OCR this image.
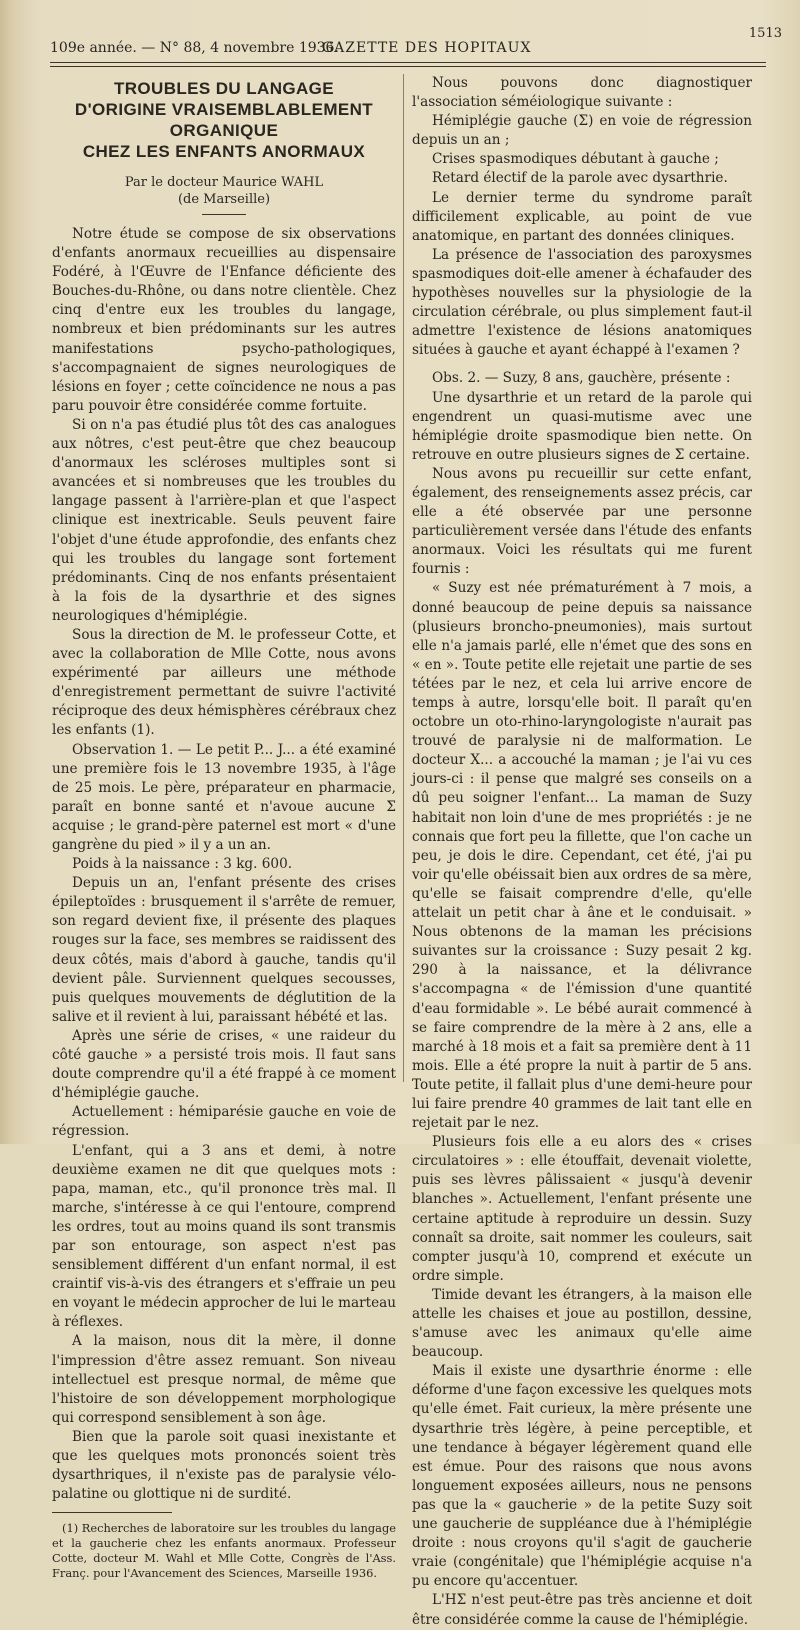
109e année. — N° 88, 4 novembre 1936.
GAZETTE DES HOPITAUX
1513
TROUBLES DU LANGAGE
D'ORIGINE VRAISEMBLABLEMENT ORGANIQUE
CHEZ LES ENFANTS ANORMAUX

Par le docteur Maurice WAHL

(de Marseille)

Notre étude se compose de six observations d'enfants anormaux recueillies au dispensaire Fodéré, à l'Œuvre de l'Enfance déficiente des Bouches-du-Rhône, ou dans notre clientèle. Chez cinq d'entre eux les troubles du langage, nombreux et bien prédominants sur les autres manifestations psycho-pathologiques, s'accompagnaient de signes neurologiques de lésions en foyer ; cette coïncidence ne nous a pas paru pouvoir être considérée comme fortuite.

Si on n'a pas étudié plus tôt des cas analogues aux nôtres, c'est peut-être que chez beaucoup d'anormaux les scléroses multiples sont si avancées et si nombreuses que les troubles du langage passent à l'arrière-plan et que l'aspect clinique est inextricable. Seuls peuvent faire l'objet d'une étude approfondie, des enfants chez qui les troubles du langage sont fortement prédominants. Cinq de nos enfants présentaient à la fois de la dysarthrie et des signes neurologiques d'hémiplégie.

Sous la direction de M. le professeur Cotte, et avec la collaboration de Mlle Cotte, nous avons expérimenté par ailleurs une méthode d'enregistrement permettant de suivre l'activité réciproque des deux hémisphères cérébraux chez les enfants (1).

Observation 1. — Le petit P... J... a été examiné une première fois le 13 novembre 1935, à l'âge de 25 mois. Le père, préparateur en pharmacie, paraît en bonne santé et n'avoue aucune Σ acquise ; le grand-père paternel est mort « d'une gangrène du pied » il y a un an.

Poids à la naissance : 3 kg. 600.

Depuis un an, l'enfant présente des crises épileptoïdes : brusquement il s'arrête de remuer, son regard devient fixe, il présente des plaques rouges sur la face, ses membres se raidissent des deux côtés, mais d'abord à gauche, tandis qu'il devient pâle. Surviennent quelques secousses, puis quelques mouvements de déglutition de la salive et il revient à lui, paraissant hébété et las.

Après une série de crises, « une raideur du côté gauche » a persisté trois mois. Il faut sans doute comprendre qu'il a été frappé à ce moment d'hémiplégie gauche.

Actuellement : hémiparésie gauche en voie de régression.

L'enfant, qui a 3 ans et demi, à notre deuxième examen ne dit que quelques mots : papa, maman, etc., qu'il prononce très mal. Il marche, s'intéresse à ce qui l'entoure, comprend les ordres, tout au moins quand ils sont transmis par son entourage, son aspect n'est pas sensiblement différent d'un enfant normal, il est craintif vis-à-vis des étrangers et s'effraie un peu en voyant le médecin approcher de lui le marteau à réflexes.

A la maison, nous dit la mère, il donne l'impression d'être assez remuant. Son niveau intellectuel est presque normal, de même que l'histoire de son développement morphologique qui correspond sensiblement à son âge.

Bien que la parole soit quasi inexistante et que les quelques mots prononcés soient très dysarthriques, il n'existe pas de paralysie vélo-palatine ou glottique ni de surdité.

(1) Recherches de laboratoire sur les troubles du langage et la gaucherie chez les enfants anormaux. Professeur Cotte, docteur M. Wahl et Mlle Cotte, Congrès de l'Ass. Franç. pour l'Avancement des Sciences, Marseille 1936.

Nous pouvons donc diagnostiquer l'association séméiologique suivante :

Hémiplégie gauche (Σ) en voie de régression depuis un an ;

Crises spasmodiques débutant à gauche ;

Retard électif de la parole avec dysarthrie.

Le dernier terme du syndrome paraît difficilement explicable, au point de vue anatomique, en partant des données cliniques.

La présence de l'association des paroxysmes spasmodiques doit-elle amener à échafauder des hypothèses nouvelles sur la physiologie de la circulation cérébrale, ou plus simplement faut-il admettre l'existence de lésions anatomiques situées à gauche et ayant échappé à l'examen ?

Obs. 2. — Suzy, 8 ans, gauchère, présente :

Une dysarthrie et un retard de la parole qui engendrent un quasi-mutisme avec une hémiplégie droite spasmodique bien nette. On retrouve en outre plusieurs signes de Σ certaine.

Nous avons pu recueillir sur cette enfant, également, des renseignements assez précis, car elle a été observée par une personne particulièrement versée dans l'étude des enfants anormaux. Voici les résultats qui me furent fournis :

« Suzy est née prématurément à 7 mois, a donné beaucoup de peine depuis sa naissance (plusieurs broncho-pneumonies), mais surtout elle n'a jamais parlé, elle n'émet que des sons en « en ». Toute petite elle rejetait une partie de ses tétées par le nez, et cela lui arrive encore de temps à autre, lorsqu'elle boit. Il paraît qu'en octobre un oto-rhino-laryngologiste n'aurait pas trouvé de paralysie ni de malformation. Le docteur X... a accouché la maman ; je l'ai vu ces jours-ci : il pense que malgré ses conseils on a dû peu soigner l'enfant... La maman de Suzy habitait non loin d'une de mes propriétés : je ne connais que fort peu la fillette, que l'on cache un peu, je dois le dire. Cependant, cet été, j'ai pu voir qu'elle obéissait bien aux ordres de sa mère, qu'elle se faisait comprendre d'elle, qu'elle attelait un petit char à âne et le conduisait. » Nous obtenons de la maman les précisions suivantes sur la croissance : Suzy pesait 2 kg. 290 à la naissance, et la délivrance s'accompagna « de l'émission d'une quantité d'eau formidable ». Le bébé aurait commencé à se faire comprendre de la mère à 2 ans, elle a marché à 18 mois et a fait sa première dent à 11 mois. Elle a été propre la nuit à partir de 5 ans. Toute petite, il fallait plus d'une demi-heure pour lui faire prendre 40 grammes de lait tant elle en rejetait par le nez.

Plusieurs fois elle a eu alors des « crises circulatoires » : elle étouffait, devenait violette, puis ses lèvres pâlissaient « jusqu'à devenir blanches ». Actuellement, l'enfant présente une certaine aptitude à reproduire un dessin. Suzy connaît sa droite, sait nommer les couleurs, sait compter jusqu'à 10, comprend et exécute un ordre simple.

Timide devant les étrangers, à la maison elle attelle les chaises et joue au postillon, dessine, s'amuse avec les animaux qu'elle aime beaucoup.

Mais il existe une dysarthrie énorme : elle déforme d'une façon excessive les quelques mots qu'elle émet. Fait curieux, la mère présente une dysarthrie très légère, à peine perceptible, et une tendance à bégayer légèrement quand elle est émue. Pour des raisons que nous avons longuement exposées ailleurs, nous ne pensons pas que la « gaucherie » de la petite Suzy soit une gaucherie de suppléance due à l'hémiplégie droite : nous croyons qu'il s'agit de gaucherie vraie (congénitale) que l'hémiplégie acquise n'a pu encore qu'accentuer.

L'HΣ n'est peut-être pas très ancienne et doit être considérée comme la cause de l'hémiplégie.
